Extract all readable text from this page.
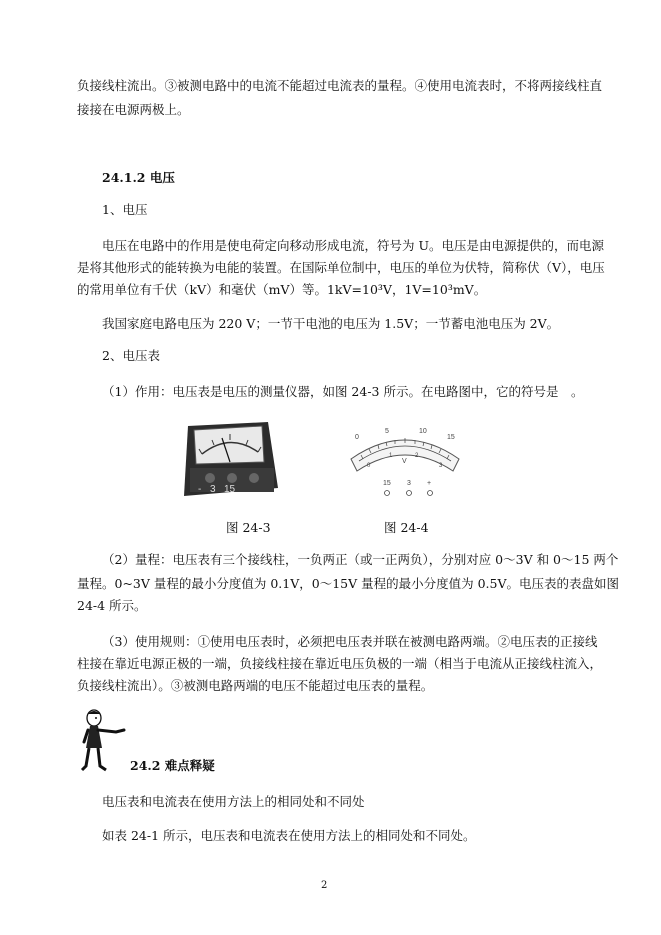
负接线柱流出。③被测电路中的电流不能超过电流表的量程。④使用电流表时，不将两接线柱直
接接在电源两极上。
24.1.2 电压
1、电压
电压在电路中的作用是使电荷定向移动形成电流，符号为 U。电压是由电源提供的，而电源
是将其他形式的能转换为电能的装置。在国际单位制中，电压的单位为伏特，简称伏（V），电压
的常用单位有千伏（kV）和毫伏（mV）等。1kV=10³V，1V=10³mV。
我国家庭电路电压为 220 V；一节干电池的电压为 1.5V；一节蓄电池电压为 2V。
2、电压表
（1）作用：电压表是电压的测量仪器，如图 24-3 所示。在电路图中，它的符号是　。
- 3 15
0
5	10
15
0
1	2
3
V
15 3 +
图 24-3	图 24-4
（2）量程：电压表有三个接线柱，一负两正（或一正两负），分别对应 0～3V 和 0～15 两个
量程。0~3V 量程的最小分度值为 0.1V，0～15V 量程的最小分度值为 0.5V。电压表的表盘如图
24-4 所示。
（3）使用规则：①使用电压表时，必须把电压表并联在被测电路两端。②电压表的正接线
柱接在靠近电源正极的一端，负接线柱接在靠近电压负极的一端（相当于电流从正接线柱流入，
负接线柱流出）。③被测电路两端的电压不能超过电压表的量程。
24.2 难点释疑
电压表和电流表在使用方法上的相同处和不同处
如表 24-1 所示，电压表和电流表在使用方法上的相同处和不同处。
2
